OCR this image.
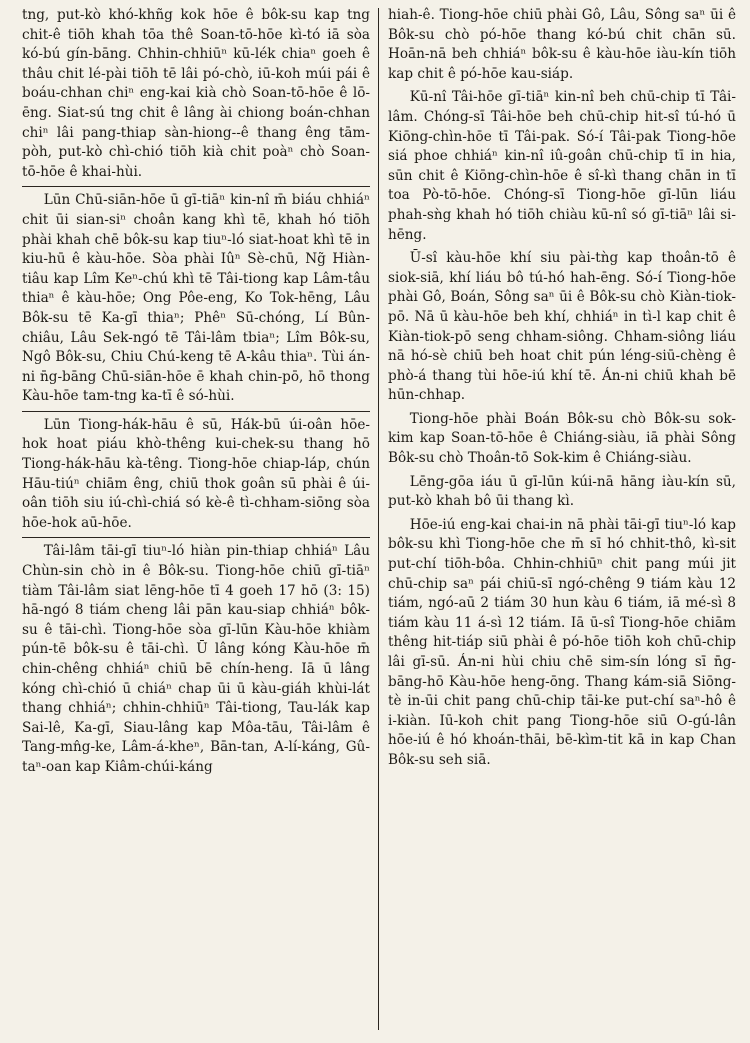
tng, put-kò khó-khñg kok hōe ê bôk-su kap tng chit-ê tiōh khah tōa thê Soan-tō-hōe kì-tó iā sòa kó-bú gín-bāng. Chhin-chhiūⁿ kū-lék chiaⁿ goeh ê thâu chit lé-pài tiōh tē lâi pó-chò, iū-koh múi pái ê boáu-chhan chiⁿ eng-kai kià chò Soan-tō-hōe ê lō-ēng. Siat-sú tng chit ê lâng ài chiong boán-chhan chiⁿ lâi pang-thiap sàn-hiong--ê thang êng tām-pòh, put-kò chì-chió tiōh kià chit poàⁿ chò Soan-tō-hōe ê khai-hùi.

Lūn Chū-siān-hōe ū gī-tiāⁿ kin-nî m̄ biáu chhiáⁿ chit ūi sian-siⁿ choân kang khì tē, khah hó tiōh phài khah chē bôk-su kap tiuⁿ-ló siat-hoat khì tē in kiu-hū ê kàu-hōe. Sòa phài Iûⁿ Sè-chū, Ng̃ Hiàn-tiâu kap Lîm Keⁿ-chú khì tē Tâi-tiong kap Lâm-tâu thiaⁿ ê kàu-hōe; Ong Pôe-eng, Ko Tok-hēng, Lâu Bôk-su tē Ka-gī thiaⁿ; Phêⁿ Sū-chóng, Lí Bûn-chiâu, Lâu Sek-ngó tē Tâi-lâm tbiaⁿ; Lîm Bôk-su, Ngô Bôk-su, Chiu Chú-keng tē A-kâu thiaⁿ. Tùi án-ni n̄g-bāng Chū-siān-hōe ē khah chin-pō, hō thong Kàu-hōe tam-tng ka-tī ê só-hùi.

Lūn Tiong-hák-hāu ê sū, Hák-bū úi-oân hōe-hok hoat piáu khò-thêng kui-chek-su thang hō Tiong-hák-hāu kà-têng. Tiong-hōe chiap-láp, chún Hāu-tiúⁿ chiām êng, chiū thok goân sū phài ê úi-oân tiōh siu iú-chì-chiá só kè-ê tì-chham-siōng sòa hōe-hok aū-hōe.

Tâi-lâm tāi-gī tiuⁿ-ló hiàn pin-thiap chhiáⁿ Lâu Chùn-sin chò in ê Bôk-su. Tiong-hōe chiū gī-tiāⁿ tiàm Tâi-lâm siat lēng-hōe tī 4 goeh 17 hō (3: 15) hā-ngó 8 tiám cheng lâi pān kau-siap chhiáⁿ bôk-su ê tāi-chì. Tiong-hōe sòa gī-lūn Kàu-hōe khiàm pún-tē bôk-su ê tāi-chì. Ū lâng kóng Kàu-hōe m̄ chin-chêng chhiáⁿ chiū bē chín-heng. Iā ū lâng kóng chì-chió ū chiáⁿ chap ūi ū kàu-giáh khùi-lát thang chhiáⁿ; chhin-chhiūⁿ Tâi-tiong, Tau-lák kap Sai-lê, Ka-gī, Siau-lâng kap Môa-tāu, Tâi-lâm ê Tang-mn̂g-ke, Lâm-á-kheⁿ, Bān-tan, A-lí-káng, Gû-taⁿ-oan kap Kiâm-chúi-káng

hiah-ê. Tiong-hōe chiū phài Gô, Lâu, Sông saⁿ ūi ê Bôk-su chò pó-hōe thang kó-bú chit chān sū. Hoān-nā beh chhiáⁿ bôk-su ê kàu-hōe iàu-kín tiōh kap chit ê pó-hōe kau-siáp.

Kū-nî Tâi-hōe gī-tiāⁿ kin-nî beh chū-chip tī Tâi-lâm. Chóng-sī Tâi-hōe beh chū-chip hit-sî tú-hó ū Kiōng-chìn-hōe tī Tâi-pak. Só-í Tâi-pak Tiong-hōe siá phoe chhiáⁿ kin-nî iû-goân chū-chip tī in hia, sūn chit ê Kiōng-chìn-hōe ê sî-kì thang chān in tī toa Pò-tō-hōe. Chóng-sī Tiong-hōe gī-lūn liáu phah-sǹg khah hó tiōh chiàu kū-nî só gī-tiāⁿ lâi si-hēng.

Ū-sî kàu-hōe khí siu pài-tǹg kap thoân-tō ê siok-siā, khí liáu bô tú-hó hah-ēng. Só-í Tiong-hōe phài Gô, Boán, Sông saⁿ ūi ê Bôk-su chò Kiàn-tiok-pō. Nā ū kàu-hōe beh khí, chhiáⁿ in tì-l kap chit ê Kiàn-tiok-pō seng chham-siông. Chham-siông liáu nā hó-sè chiū beh hoat chit pún léng-siū-chèng ê phò-á thang tùi hōe-iú khí tē. Án-ni chiū khah bē hūn-chhap.

Tiong-hōe phài Boán Bôk-su chò Bôk-su sok-kim kap Soan-tō-hōe ê Chiáng-siàu, iā phài Sông Bôk-su chò Thoân-tō Sok-kim ê Chiáng-siàu.

Lēng-gōa iáu ū gī-lūn kúi-nā hāng iàu-kín sū, put-kò khah bô ūi thang kì.

Hōe-iú eng-kai chai-in nā phài tāi-gī tiuⁿ-ló kap bôk-su khì Tiong-hōe che m̄ sī hó chhit-thô, kì-sit put-chí tiōh-bôa. Chhin-chhiūⁿ chit pang múi jit chū-chip saⁿ pái chiū-sī ngó-chêng 9 tiám kàu 12 tiám, ngó-aū 2 tiám 30 hun kàu 6 tiám, iā mé-sì 8 tiám kàu 11 á-sì 12 tiám. Iā ū-sî Tiong-hōe chiām thêng hit-tiáp siū phài ê pó-hōe tiōh koh chū-chip lâi gī-sū. Án-ni hùi chiu chē sim-sín lóng sī n̄g-bāng-hō Kàu-hōe heng-ōng. Thang kám-siā Siōng-tè in-ūi chit pang chū-chip tāi-ke put-chí saⁿ-hô ê i-kiàn. Iū-koh chit pang Tiong-hōe siū O-gú-lân hōe-iú ê hó khoán-thāi, bē-kìm-tit kā in kap Chan Bôk-su seh siā.
